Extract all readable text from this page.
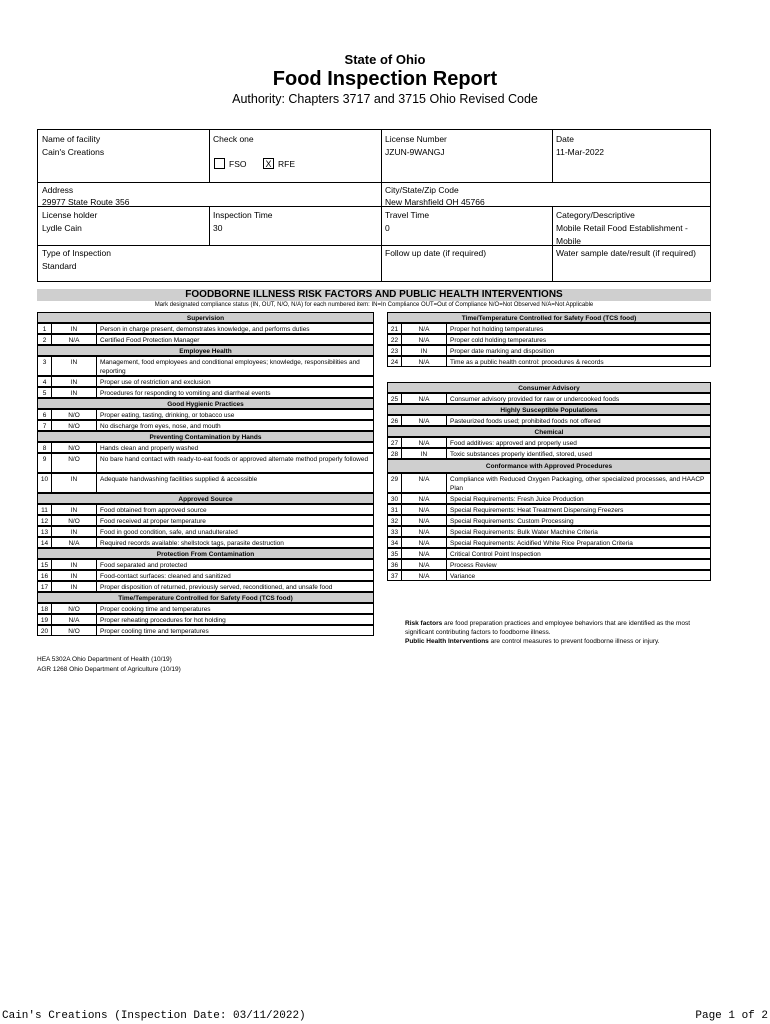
State of Ohio
Food Inspection Report
Authority: Chapters 3717 and 3715 Ohio Revised Code
Name of facility
Cain's Creations
Check one
FSO X RFE
License Number
JZUN-9WANGJ
Date
11-Mar-2022
Address
29977 State Route 356
City/State/Zip Code
New Marshfield OH 45766
License holder
Lydle Cain
Inspection Time
30
Travel Time
0
Category/Descriptive
Mobile Retail Food Establishment - Mobile
Type of Inspection
Standard
Follow up date (if required)	Water sample date/result (if required)
FOODBORNE ILLNESS RISK FACTORS AND PUBLIC HEALTH INTERVENTIONS
Mark designated compliance status (IN, OUT, N/O, N/A) for each numbered item: IN=In Compliance OUT=Out of Compliance N/O=Not Observed N/A=Not Applicable
Supervision
1	IN	Person in charge present, demonstrates knowledge, and performs duties
2	N/A	Certified Food Protection Manager
Employee Health
3	IN	Management, food employees and conditional employees; knowledge, responsibilities and reporting
4	IN	Proper use of restriction and exclusion
5	IN	Procedures for responding to vomiting and diarrheal events
Good Hygienic Practices
6	N/O	Proper eating, tasting, drinking, or tobacco use
7	N/O	No discharge from eyes, nose, and mouth
Preventing Contamination by Hands
8	N/O	Hands clean and properly washed
9	N/O	No bare hand contact with ready-to-eat foods or approved alternate method properly followed
10	IN	Adequate handwashing facilities supplied & accessible
Approved Source
11	IN	Food obtained from approved source
12	N/O	Food received at proper temperature
13	IN	Food in good condition, safe, and unadulterated
14	N/A	Required records available: shellstock tags, parasite destruction
Protection From Contamination
15	IN	Food separated and protected
16	IN	Food-contact surfaces: cleaned and sanitized
17	IN	Proper disposition of returned, previously served, reconditioned, and unsafe food
Time/Temperature Controlled for Safety Food (TCS food)
18	N/O	Proper cooking time and temperatures
19	N/A	Proper reheating procedures for hot holding
20	N/O	Proper cooling time and temperatures
Time/Temperature Controlled for Safety Food (TCS food)
21	N/A	Proper hot holding temperatures
22	N/A	Proper cold holding temperatures
23	IN	Proper date marking and disposition
24	N/A	Time as a public health control: procedures & records
Consumer Advisory
25	N/A	Consumer advisory provided for raw or undercooked foods
Highly Susceptible Populations
26	N/A	Pasteurized foods used; prohibited foods not offered
Chemical
27	N/A	Food additives: approved and properly used
28	IN	Toxic substances properly identified, stored, used
Conformance with Approved Procedures
29	N/A	Compliance with Reduced Oxygen Packaging, other specialized processes, and HAACP Plan
30	N/A	Special Requirements: Fresh Juice Production
31	N/A	Special Requirements: Heat Treatment Dispensing Freezers
32	N/A	Special Requirements: Custom Processing
33	N/A	Special Requirements: Bulk Water Machine Criteria
34	N/A	Special Requirements: Acidified White Rice Preparation Criteria
35	N/A	Critical Control Point Inspection
36	N/A	Process Review
37	N/A	Variance
Risk factors are food preparation practices and employee behaviors that are identified as the most significant contributing factors to foodborne illness.
Public Health Interventions are control measures to prevent foodborne illness or injury.
HEA 5302A Ohio Department of Health (10/19)
AGR 1268 Ohio Department of Agriculture (10/19)
Cain's Creations (Inspection Date: 03/11/2022)	Page 1 of 2
